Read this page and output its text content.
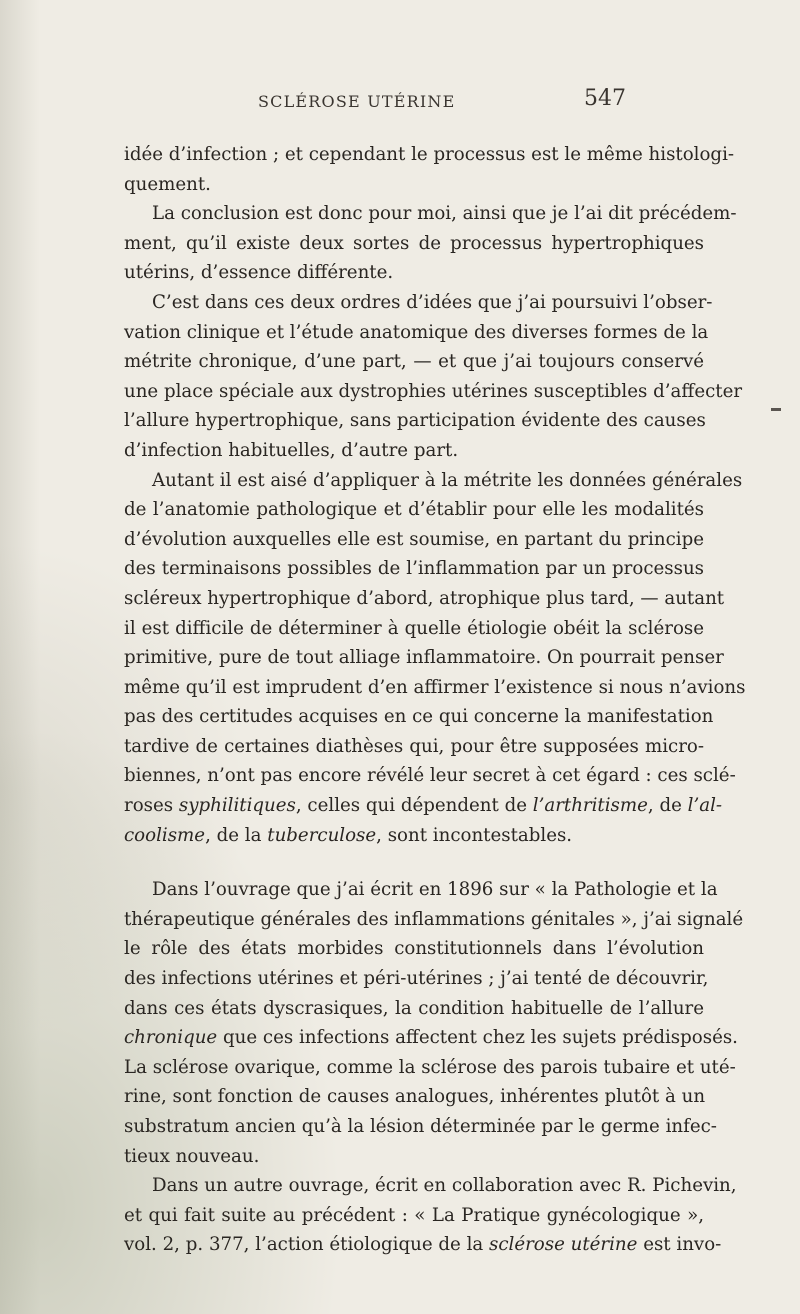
SCLÉROSE UTÉRINE	547
idée d’infection ; et cependant le processus est le même histologi-
quement.
La conclusion est donc pour moi, ainsi que je l’ai dit précédem-
ment, qu’il existe deux sortes de processus hypertrophiques
utérins, d’essence différente.
C’est dans ces deux ordres d’idées que j’ai poursuivi l’obser-
vation clinique et l’étude anatomique des diverses formes de la
métrite chronique, d’une part, — et que j’ai toujours conservé
une place spéciale aux dystrophies utérines susceptibles d’affecter
l’allure hypertrophique, sans participation évidente des causes
d’infection habituelles, d’autre part.
Autant il est aisé d’appliquer à la métrite les données générales
de l’anatomie pathologique et d’établir pour elle les modalités
d’évolution auxquelles elle est soumise, en partant du principe
des terminaisons possibles de l’inflammation par un processus
scléreux hypertrophique d’abord, atrophique plus tard, — autant
il est difficile de déterminer à quelle étiologie obéit la sclérose
primitive, pure de tout alliage inflammatoire. On pourrait penser
même qu’il est imprudent d’en affirmer l’existence si nous n’avions
pas des certitudes acquises en ce qui concerne la manifestation
tardive de certaines diathèses qui, pour être supposées micro-
biennes, n’ont pas encore révélé leur secret à cet égard : ces sclé-
roses syphilitiques, celles qui dépendent de l’arthritisme, de l’al-
coolisme, de la tuberculose, sont incontestables.
Dans l’ouvrage que j’ai écrit en 1896 sur « la Pathologie et la
thérapeutique générales des inflammations génitales », j’ai signalé
le rôle des états morbides constitutionnels dans l’évolution
des infections utérines et péri-utérines ; j’ai tenté de découvrir,
dans ces états dyscrasiques, la condition habituelle de l’allure
chronique que ces infections affectent chez les sujets prédisposés.
La sclérose ovarique, comme la sclérose des parois tubaire et uté-
rine, sont fonction de causes analogues, inhérentes plutôt à un
substratum ancien qu’à la lésion déterminée par le germe infec-
tieux nouveau.
Dans un autre ouvrage, écrit en collaboration avec R. Pichevin,
et qui fait suite au précédent : « La Pratique gynécologique »,
vol. 2, p. 377, l’action étiologique de la sclérose utérine est invo-
